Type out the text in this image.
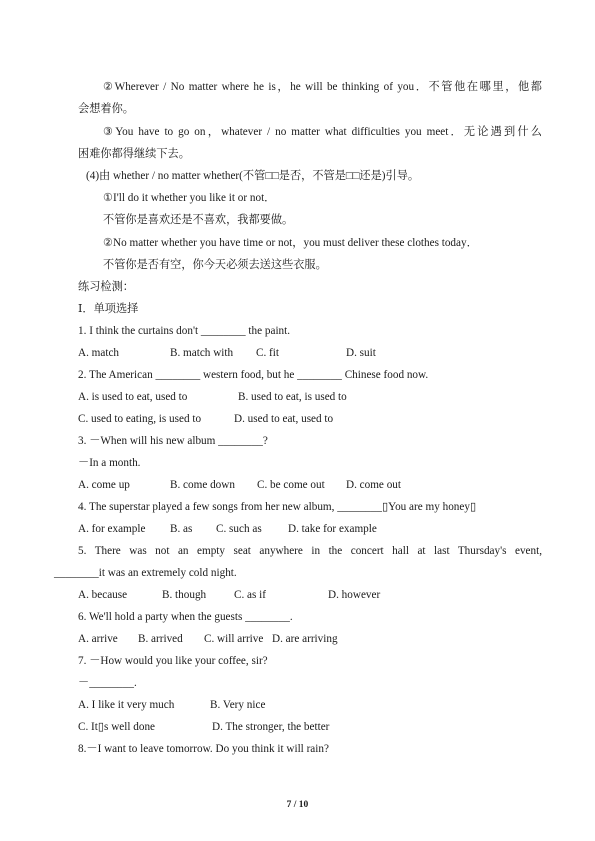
②Wherever / No matter where he is，he will be thinking of you．不管他在哪里，他都
会想着你。
③You have to go on，whatever / no matter what difficulties you meet．无论遇到什么
困难你都得继续下去。
(4)由 whether / no matter whether(不管□□是否，不管是□□还是)引导。
①I'll do it whether you like it or not．
不管你是喜欢还是不喜欢，我都要做。
②No matter whether you have time or not，you must deliver these clothes today．
不管你是否有空，你今天必须去送这些衣服。
练习检测：
Ⅰ．单项选择
1. I think the curtains don't ________ the paint.
A. match	B. match with C. fit	D. suit
2. The American ________ western food, but he ________ Chinese food now.
A. is used to eat, used to	B. used to eat, is used to
C. used to eating, is used to	D. used to eat, used to
3. －When will his new album ________?
－In a month.
A. come up	B. come down C. be come out D. come out
4. The superstar played a few songs from her new album, ________▯You are my honey▯
A. for example B. as C. such as D. take for example
5. There was not an empty seat anywhere in the concert hall at last Thursday's event,
________it was an extremely cold night.
A. because	B. though C. as if	D. however
6. We'll hold a party when the guests ________.
A. arrive B. arrived C. will arrive D. are arriving
7. －How would you like your coffee, sir?
－________.
A. I like it very much	B. Very nice
C. It▯s well done	D. The stronger, the better
8.－I want to leave tomorrow. Do you think it will rain?
7 / 10
